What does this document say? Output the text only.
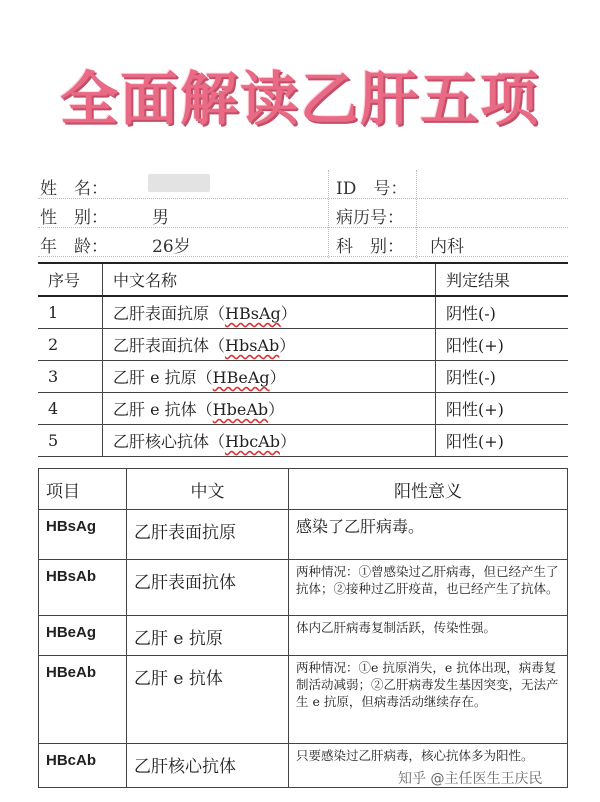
全面解读乙肝五项
姓　名：	ID　号：
性　别：	男	病历号：
年　龄：	26岁	科　别： 内科
序号	中文名称	判定结果
1	乙肝表面抗原（HBsAg）	阴性(-)
2	乙肝表面抗体（HbsAb）	阳性(+)
3	乙肝 e 抗原（HBeAg）	阴性(-)
4	乙肝 e 抗体（HbeAb）	阳性(+)
5	乙肝核心抗体（HbcAb）	阳性(+)
项目	中文	阳性意义
HBsAg	乙肝表面抗原	感染了乙肝病毒。
HBsAb	乙肝表面抗体	两种情况：①曾感染过乙肝病毒，但已经产生了抗体；②接种过乙肝疫苗，也已经产生了抗体。
HBeAg	乙肝 e 抗原	体内乙肝病毒复制活跃，传染性强。
HBeAb	乙肝 e 抗体	两种情况：①e 抗原消失，e 抗体出现，病毒复制活动减弱；②乙肝病毒发生基因突变，无法产生 e 抗原，但病毒活动继续存在。
HBcAb	乙肝核心抗体	只要感染过乙肝病毒，核心抗体多为阳性。
知乎 @主任医生王庆民
